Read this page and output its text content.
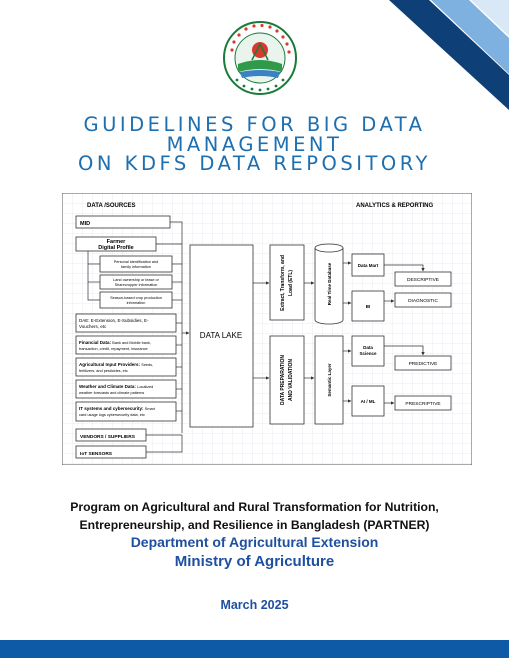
GUIDELINES FOR BIG DATA
MANAGEMENT
ON KDFS DATA REPOSITORY
DATA /SOURCES	ANALYTICS & REPORTING
MID
Farmer
Digital Profile
Personal identification and
family information
Land ownership or lease or
Sharecropper information
Season-based crop production
information
DAE: E-Extension, E-Subsidies, E-
Vouchers, etc
Financial Data: Bank and Mobile bank,
transaction, credit, repayment, insurance
Agricultural Input Providers: Seeds,
fertilizers, and pesticides, etc
Weather and Climate Data: Localized
weather forecasts and climate patterns
IT systems and cybersecurity: Smart
card usage logs cybersecurity data, etc
VENDORS / SUPPLIERS
IoT SENSORS
DATA LAKE
Extract, Transform, and Load (ETL)
DATA PREPARATION AND VALIDATION
Real Time Database
Semantic Layer
Data Mart
BI
Data
Science
AI / ML
DESCRIPTIVE
DIAGNOSTIC
PREDICTIVE
PRESCRIPTIVE

Program on Agricultural and Rural Transformation for Nutrition,

Entrepreneurship, and Resilience in Bangladesh (PARTNER)

Department of Agricultural Extension

Ministry of Agriculture

March 2025
